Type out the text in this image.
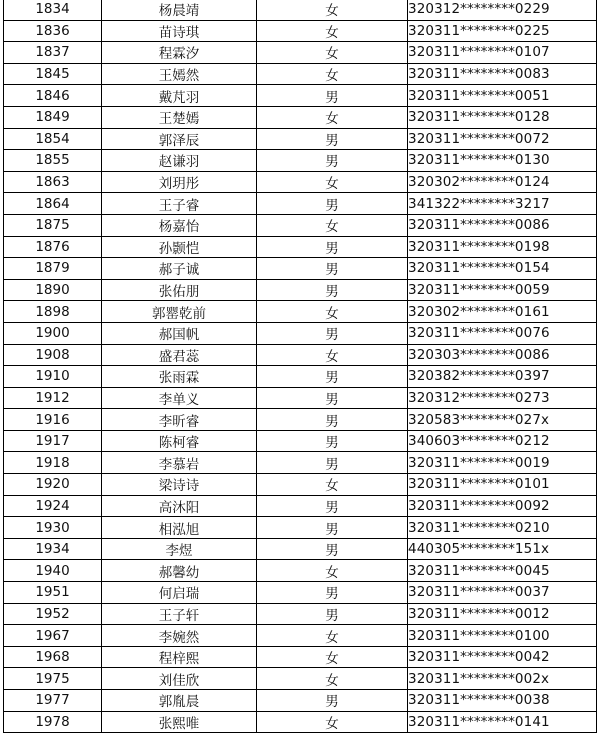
1834	杨晨靖	女	320312********0229
1836	苗诗琪	女	320311********0225
1837	程霖汐	女	320311********0107
1845	王嫣然	女	320311********0083
1846	戴芃羽	男	320311********0051
1849	王楚嫣	女	320311********0128
1854	郭泽辰	男	320311********0072
1855	赵谦羽	男	320311********0130
1863	刘玥彤	女	320302********0124
1864	王子睿	男	341322********3217
1875	杨嘉怡	女	320311********0086
1876	孙颢恺	男	320311********0198
1879	郝子诚	男	320311********0154
1890	张佑朋	男	320311********0059
1898	郭罂乾前	女	320302********0161
1900	郝国帆	男	320311********0076
1908	盛君蕊	女	320303********0086
1910	张雨霖	男	320382********0397
1912	李单义	男	320312********0273
1916	李昕睿	男	320583********027x
1917	陈柯睿	男	340603********0212
1918	李慕岩	男	320311********0019
1920	梁诗诗	女	320311********0101
1924	高沐阳	男	320311********0092
1930	相泓旭	男	320311********0210
1934	李煜	男	440305********151x
1940	郝馨幼	女	320311********0045
1951	何启瑞	男	320311********0037
1952	王子轩	男	320311********0012
1967	李婉然	女	320311********0100
1968	程梓熙	女	320311********0042
1975	刘佳欣	女	320311********002x
1977	郭胤晨	男	320311********0038
1978	张熙唯	女	320311********0141
